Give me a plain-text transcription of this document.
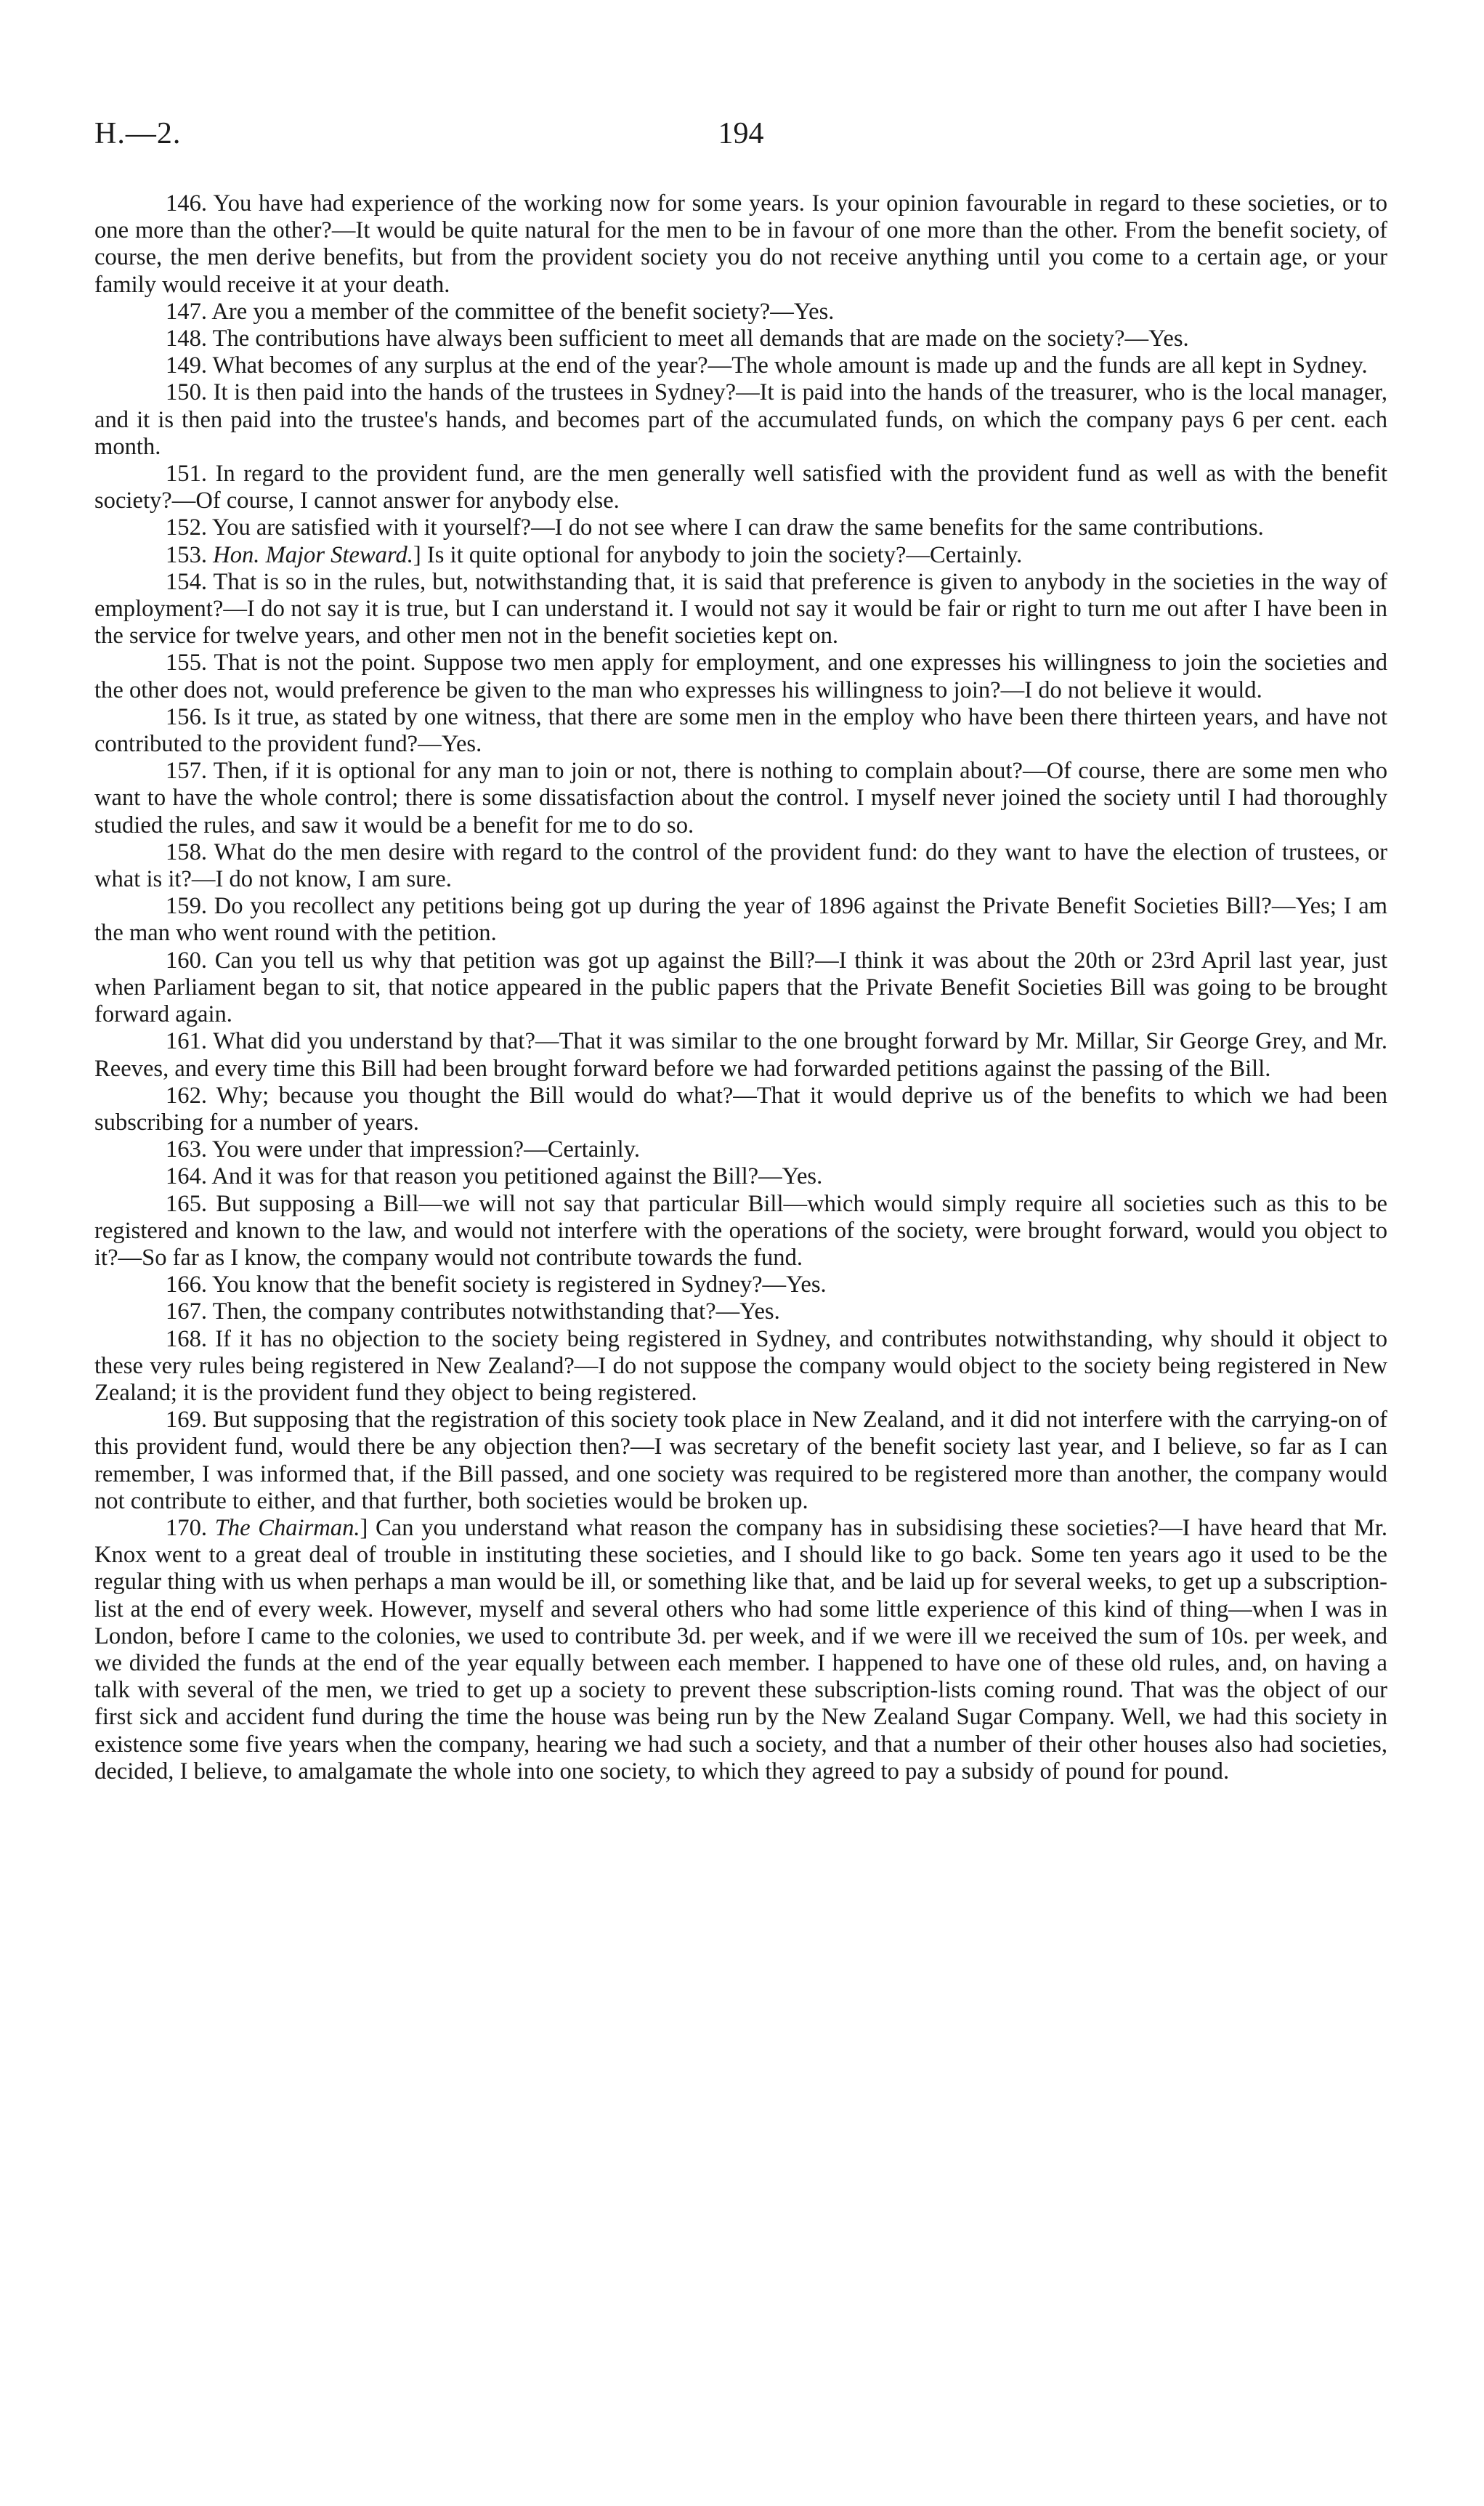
H.—2.	194

146. You have had experience of the working now for some years. Is your opinion favourable in regard to these societies, or to one more than the other?—It would be quite natural for the men to be in favour of one more than the other. From the benefit society, of course, the men derive benefits, but from the provident society you do not receive anything until you come to a certain age, or your family would receive it at your death.

147. Are you a member of the committee of the benefit society?—Yes.

148. The contributions have always been sufficient to meet all demands that are made on the society?—Yes.

149. What becomes of any surplus at the end of the year?—The whole amount is made up and the funds are all kept in Sydney.

150. It is then paid into the hands of the trustees in Sydney?—It is paid into the hands of the treasurer, who is the local manager, and it is then paid into the trustee's hands, and becomes part of the accumulated funds, on which the company pays 6 per cent. each month.

151. In regard to the provident fund, are the men generally well satisfied with the provident fund as well as with the benefit society?—Of course, I cannot answer for anybody else.

152. You are satisfied with it yourself?—I do not see where I can draw the same benefits for the same contributions.

153. Hon. Major Steward.] Is it quite optional for anybody to join the society?—Certainly.

154. That is so in the rules, but, notwithstanding that, it is said that preference is given to anybody in the societies in the way of employment?—I do not say it is true, but I can understand it. I would not say it would be fair or right to turn me out after I have been in the service for twelve years, and other men not in the benefit societies kept on.

155. That is not the point. Suppose two men apply for employment, and one expresses his willingness to join the societies and the other does not, would preference be given to the man who expresses his willingness to join?—I do not believe it would.

156. Is it true, as stated by one witness, that there are some men in the employ who have been there thirteen years, and have not contributed to the provident fund?—Yes.

157. Then, if it is optional for any man to join or not, there is nothing to complain about?—Of course, there are some men who want to have the whole control; there is some dissatisfaction about the control. I myself never joined the society until I had thoroughly studied the rules, and saw it would be a benefit for me to do so.

158. What do the men desire with regard to the control of the provident fund: do they want to have the election of trustees, or what is it?—I do not know, I am sure.

159. Do you recollect any petitions being got up during the year of 1896 against the Private Benefit Societies Bill?—Yes; I am the man who went round with the petition.

160. Can you tell us why that petition was got up against the Bill?—I think it was about the 20th or 23rd April last year, just when Parliament began to sit, that notice appeared in the public papers that the Private Benefit Societies Bill was going to be brought forward again.

161. What did you understand by that?—That it was similar to the one brought forward by Mr. Millar, Sir George Grey, and Mr. Reeves, and every time this Bill had been brought forward before we had forwarded petitions against the passing of the Bill.

162. Why; because you thought the Bill would do what?—That it would deprive us of the benefits to which we had been subscribing for a number of years.

163. You were under that impression?—Certainly.

164. And it was for that reason you petitioned against the Bill?—Yes.

165. But supposing a Bill—we will not say that particular Bill—which would simply require all societies such as this to be registered and known to the law, and would not interfere with the operations of the society, were brought forward, would you object to it?—So far as I know, the company would not contribute towards the fund.

166. You know that the benefit society is registered in Sydney?—Yes.

167. Then, the company contributes notwithstanding that?—Yes.

168. If it has no objection to the society being registered in Sydney, and contributes notwithstanding, why should it object to these very rules being registered in New Zealand?—I do not suppose the company would object to the society being registered in New Zealand; it is the provident fund they object to being registered.

169. But supposing that the registration of this society took place in New Zealand, and it did not interfere with the carrying-on of this provident fund, would there be any objection then?—I was secretary of the benefit society last year, and I believe, so far as I can remember, I was informed that, if the Bill passed, and one society was required to be registered more than another, the company would not contribute to either, and that further, both societies would be broken up.

170. The Chairman.] Can you understand what reason the company has in subsidising these societies?—I have heard that Mr. Knox went to a great deal of trouble in instituting these societies, and I should like to go back. Some ten years ago it used to be the regular thing with us when perhaps a man would be ill, or something like that, and be laid up for several weeks, to get up a subscription-list at the end of every week. However, myself and several others who had some little experience of this kind of thing—when I was in London, before I came to the colonies, we used to contribute 3d. per week, and if we were ill we received the sum of 10s. per week, and we divided the funds at the end of the year equally between each member. I happened to have one of these old rules, and, on having a talk with several of the men, we tried to get up a society to prevent these subscription-lists coming round. That was the object of our first sick and accident fund during the time the house was being run by the New Zealand Sugar Company. Well, we had this society in existence some five years when the company, hearing we had such a society, and that a number of their other houses also had societies, decided, I believe, to amalgamate the whole into one society, to which they agreed to pay a subsidy of pound for pound.
